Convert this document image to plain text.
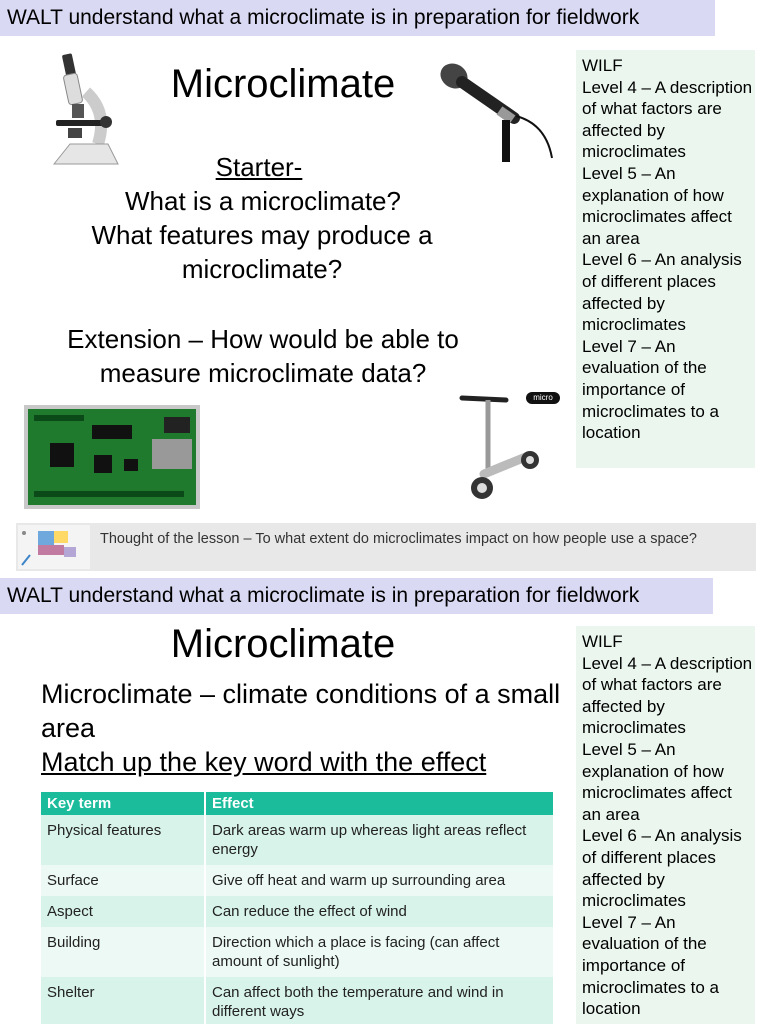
WALT understand what a microclimate is in preparation for fieldwork
Microclimate
Starter-
What is a microclimate?
What features may produce a microclimate?
Extension – How would be able to measure microclimate data?
micro
WILF
Level 4 – A description of what factors are affected by microclimates
Level 5 – An explanation of how microclimates affect an area
Level 6 – An analysis of different places affected by microclimates
Level 7 – An evaluation of the importance of microclimates to a location
Thought of the lesson – To what extent do microclimates impact on how people use a space?
WALT understand what a microclimate is in preparation for fieldwork
Microclimate
Microclimate – climate conditions of a small area
Match up the key word with the effect
Key term	Effect
Physical features	Dark areas warm up whereas light areas reflect energy
Surface	Give off heat and warm up surrounding area
Aspect	Can reduce the effect of wind
Building	Direction which a place is facing (can affect amount of sunlight)
Shelter	Can affect both the temperature and wind in different ways
WILF
Level 4 – A description of what factors are affected by microclimates
Level 5 – An explanation of how microclimates affect an area
Level 6 – An analysis of different places affected by microclimates
Level 7 – An evaluation of the importance of microclimates to a location
